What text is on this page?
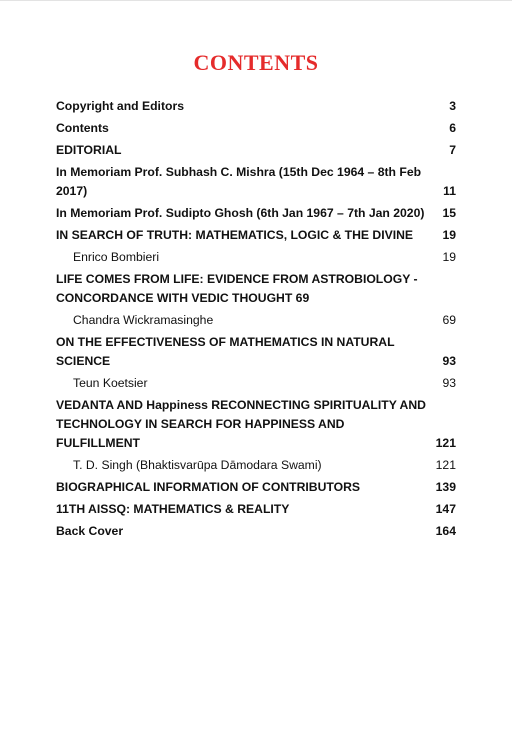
CONTENTS
Copyright and Editors	3
Contents	6
EDITORIAL	7
In Memoriam Prof. Subhash C. Mishra (15th Dec 1964 – 8th Feb 2017)	11
In Memoriam Prof. Sudipto Ghosh (6th Jan 1967 – 7th Jan 2020)	15
IN SEARCH OF TRUTH: MATHEMATICS, LOGIC & THE DIVINE	19
Enrico Bombieri	19
LIFE COMES FROM LIFE: EVIDENCE FROM ASTROBIOLOGY - CONCORDANCE WITH VEDIC THOUGHT 69
Chandra Wickramasinghe	69
ON THE EFFECTIVENESS OF MATHEMATICS IN NATURAL SCIENCE	93
Teun Koetsier	93
VEDANTA AND Happiness RECONNECTING SPIRITUALITY AND TECHNOLOGY IN SEARCH FOR HAPPINESS AND FULFILLMENT	121
T. D. Singh (Bhaktisvarūpa Dāmodara Swami)	121
BIOGRAPHICAL INFORMATION OF CONTRIBUTORS	139
11TH AISSQ: MATHEMATICS & REALITY	147
Back Cover	164
